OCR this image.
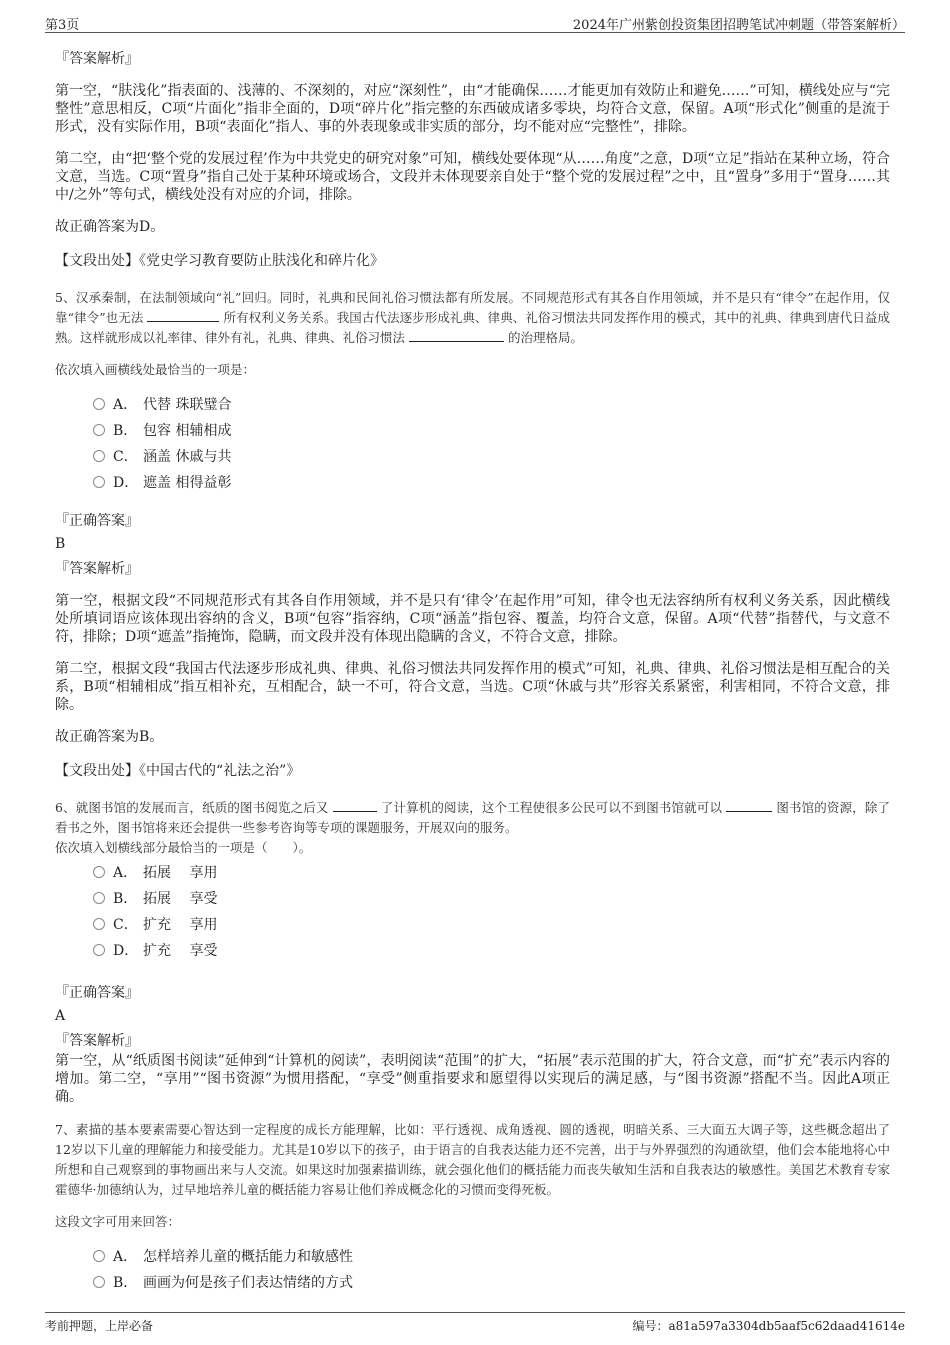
第3页	2024年广州紫创投资集团招聘笔试冲刺题（带答案解析）
『答案解析』
第一空，“肤浅化”指表面的、浅薄的、不深刻的，对应“深刻性”，由“才能确保……才能更加有效防止和避免……”可知，横线处应与“完整性”意思相反，C项“片面化”指非全面的，D项“碎片化”指完整的东西破成诸多零块，均符合文意，保留。A项“形式化”侧重的是流于形式，没有实际作用，B项“表面化”指人、事的外表现象或非实质的部分，均不能对应“完整性”，排除。
第二空，由“把‘整个党的发展过程’作为中共党史的研究对象”可知，横线处要体现“从……角度”之意，D项“立足”指站在某种立场，符合文意，当选。C项“置身”指自己处于某种环境或场合，文段并未体现要亲自处于“整个党的发展过程”之中，且“置身”多用于“置身……其中/之外”等句式，横线处没有对应的介词，排除。
故正确答案为D。
【文段出处】《党史学习教育要防止肤浅化和碎片化》
5、汉承秦制，在法制领域向“礼”回归。同时，礼典和民间礼俗习惯法都有所发展。不同规范形式有其各自作用领域，并不是只有“律令”在起作用，仅靠“律令”也无法	所有权利义务关系。我国古代法逐步形成礼典、律典、礼俗习惯法共同发挥作用的模式，其中的礼典、律典到唐代日益成熟。这样就形成以礼率律、律外有礼，礼典、律典、礼俗习惯法	的治理格局。
依次填入画横线处最恰当的一项是：
A． 代替 珠联璧合
B． 包容 相辅相成
C． 涵盖 休戚与共
D． 遮盖 相得益彰
『正确答案』
B
『答案解析』
第一空，根据文段“不同规范形式有其各自作用领域，并不是只有‘律令’在起作用”可知，律令也无法容纳所有权利义务关系，因此横线处所填词语应该体现出容纳的含义，B项“包容”指容纳，C项“涵盖”指包容、覆盖，均符合文意，保留。A项“代替”指替代，与文意不符，排除；D项“遮盖”指掩饰，隐瞒，而文段并没有体现出隐瞒的含义，不符合文意，排除。
第二空，根据文段“我国古代法逐步形成礼典、律典、礼俗习惯法共同发挥作用的模式”可知，礼典、律典、礼俗习惯法是相互配合的关系，B项“相辅相成”指互相补充，互相配合，缺一不可，符合文意，当选。C项“休戚与共”形容关系紧密，利害相同，不符合文意，排除。
故正确答案为B。
【文段出处】《中国古代的“礼法之治”》
6、就图书馆的发展而言，纸质的图书阅览之后又	了计算机的阅读，这个工程使很多公民可以不到图书馆就可以	图书馆的资源，除了看书之外，图书馆将来还会提供一些参考咨询等专项的课题服务，开展双向的服务。
依次填入划横线部分最恰当的一项是（　　）。
A． 拓展　 享用
B． 拓展　 享受
C． 扩充　 享用
D． 扩充　 享受
『正确答案』
A
『答案解析』
第一空，从“纸质图书阅读”延伸到“计算机的阅读”，表明阅读“范围”的扩大，“拓展”表示范围的扩大，符合文意，而“扩充”表示内容的增加。第二空，“享用”“图书资源”为惯用搭配，“享受”侧重指要求和愿望得以实现后的满足感，与“图书资源”搭配不当。因此A项正确。
7、素描的基本要素需要心智达到一定程度的成长方能理解，比如：平行透视、成角透视、圆的透视，明暗关系、三大面五大调子等，这些概念超出了12岁以下儿童的理解能力和接受能力。尤其是10岁以下的孩子，由于语言的自我表达能力还不完善，出于与外界强烈的沟通欲望，他们会本能地将心中所想和自己观察到的事物画出来与人交流。如果这时加强素描训练，就会强化他们的概括能力而丧失敏知生活和自我表达的敏感性。美国艺术教育专家霍德华·加德纳认为，过早地培养儿童的概括能力容易让他们养成概念化的习惯而变得死板。
这段文字可用来回答：
A． 怎样培养儿童的概括能力和敏感性
B． 画画为何是孩子们表达情绪的方式
考前押题，上岸必备	编号：a81a597a3304db5aaf5c62daad41614e
